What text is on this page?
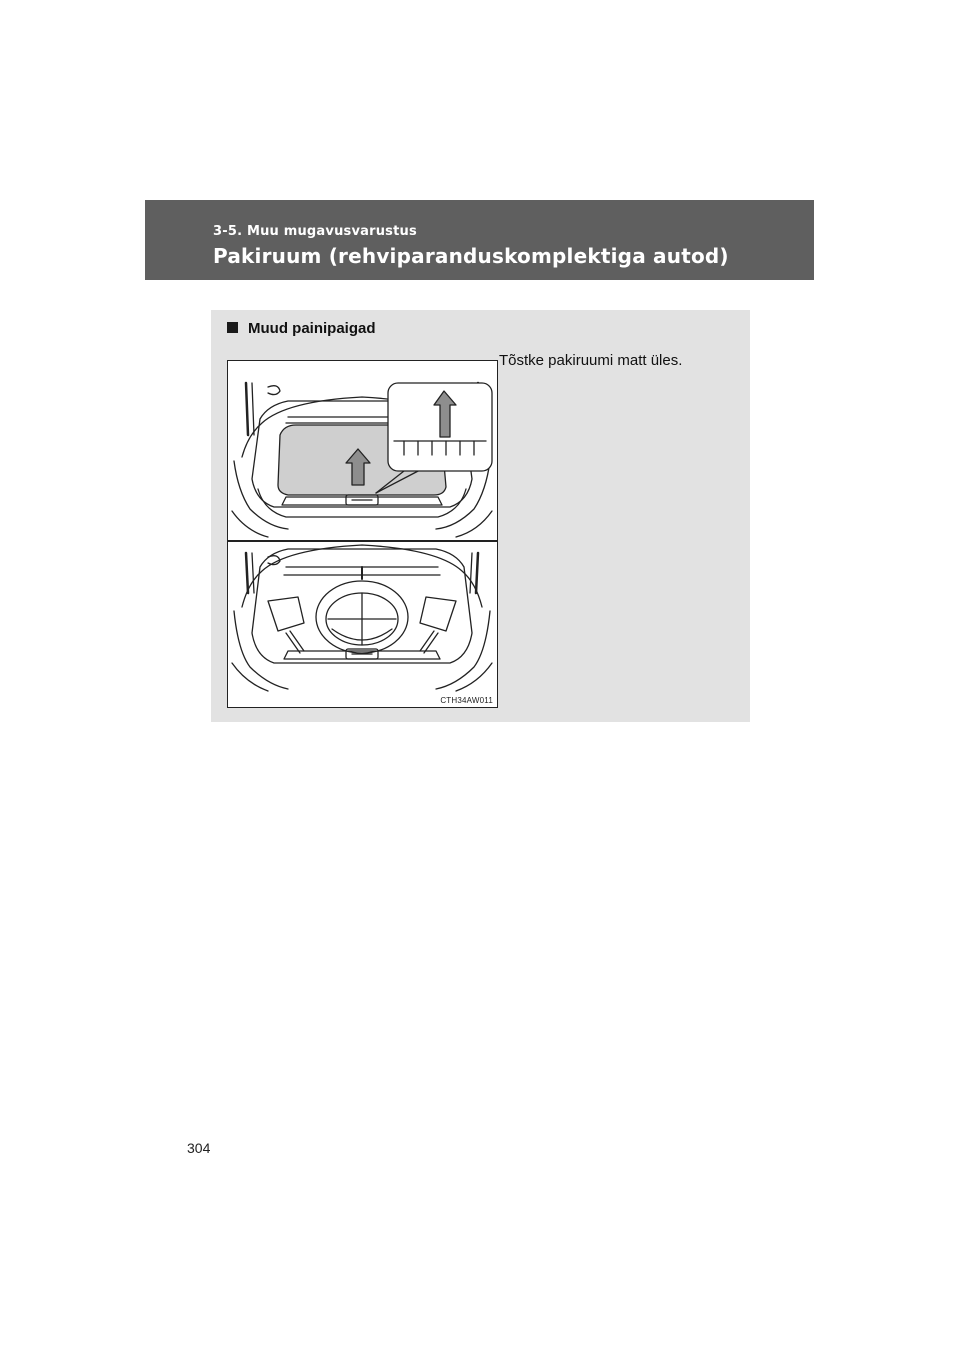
3-5. Muu mugavusvarustus
Pakiruum (rehviparanduskomplektiga autod)
Muud painipaigad
Tõstke pakiruumi matt üles.
CTH34AW011
304
